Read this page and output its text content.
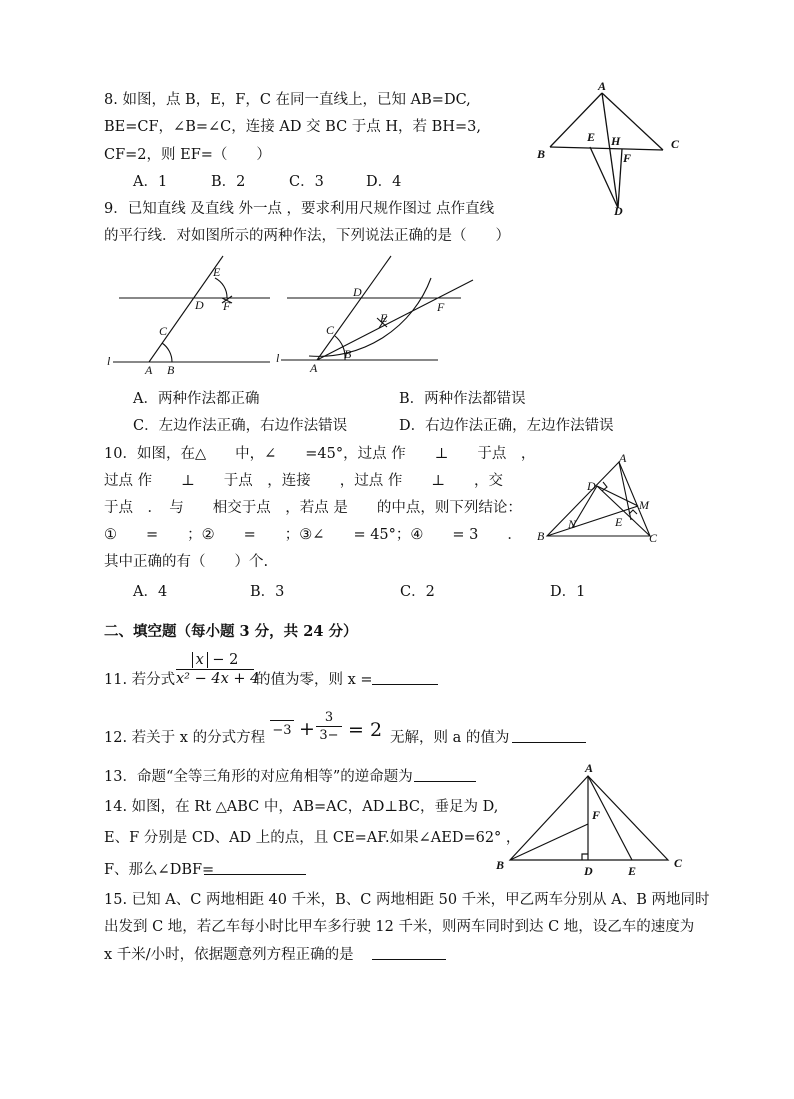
8. 如图，点 B，E，F，C 在同一直线上，已知 AB=DC,
BE=CF，∠B=∠C，连接 AD 交 BC 于点 H，若 BH=3,
CF=2，则 EF=（　　）
A．1	B．2	C．3	D．4
A
B
E H	C
F
D
9．已知直线 及直线 外一点 ，要求利用尺规作图过 点作直线
的平行线．对如图所示的两种作法，下列说法正确的是（　　）
E
D F
C
l
A B
D
F
E
C
l
A
B
A．两种作法都正确	B．两种作法都错误
C．左边作法正确，右边作法错误	D．右边作法正确，左边作法错误
10．如图，在△　　中，∠　　=45°，过点 作　　⊥　　于点　，
过点 作　　⊥　　于点　，连接　　，过点 作　　⊥　　，交
于点　．　与　　相交于点　，若点 是　　的中点，则下列结论：
①　　=　　；②　　=　　；③∠　　= 45°；④　　= 3　　．
其中正确的有（　　）个.
A
D
M
N	E
B	C
A．4	B．3	C．2	D．1
二、填空题（每小题 3 分，共 24 分）
11. 若分式 $\frac{x - 2}{\text{x² − 4x + 4}}$ 的值为零，则 x =
12. 若关于 x 的分式方程 $-3 + \frac{3}{3-} = 2$ 无解，则 a 的值为
13．命题“全等三角形的对应角相等”的逆命题为
14. 如图，在 Rt △ABC 中，AB=AC，AD⊥BC，垂足为 D,
E、F 分别是 CD、AD 上的点，且 CE=AF.如果∠AED=62° ，
F、那么∠DBF=
A
F
B	D	E
C
15. 已知 A、C 两地相距 40 千米，B、C 两地相距 50 千米，甲乙两车分别从 A、B 两地同时
出发到 C 地，若乙车每小时比甲车多行驶 12 千米，则两车同时到达 C 地，设乙车的速度为
x 千米/小时，依据题意列方程正确的是
